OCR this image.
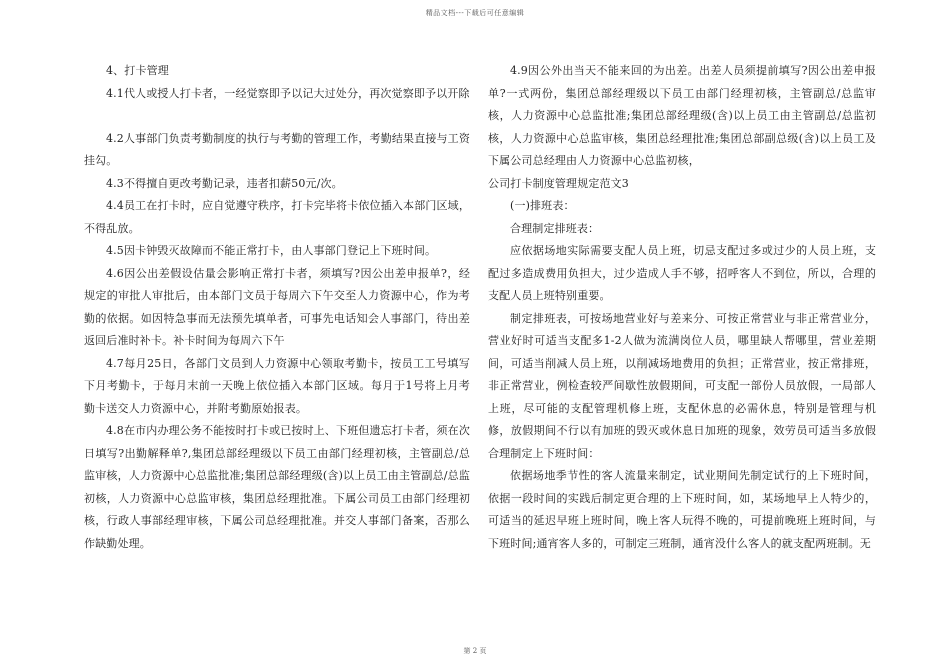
精品文档---下载后可任意编辑

4、打卡管理

4.1代人或授人打卡者，一经觉察即予以记大过处分，再次觉察即予以开除

4.2人事部门负责考勤制度的执行与考勤的管理工作，考勤结果直接与工资挂勾。

4.3不得擅自更改考勤记录，违者扣薪50元/次。

4.4员工在打卡时，应自觉遵守秩序，打卡完毕将卡依位插入本部门区域，不得乱放。

4.5因卡钟毁灭故障而不能正常打卡，由人事部门登记上下班时间。

4.6因公出差假设估量会影响正常打卡者，须填写?因公出差申报单?，经规定的审批人审批后，由本部门文员于每周六下午交至人力资源中心，作为考勤的依据。如因特急事而无法预先填单者，可事先电话知会人事部门，待出差返回后准时补卡。补卡时间为每周六下午

4.7每月25日，各部门文员到人力资源中心领取考勤卡，按员工工号填写下月考勤卡，于每月末前一天晚上依位插入本部门区域。每月于1号将上月考勤卡送交人力资源中心，并附考勤原始报表。

4.8在市内办理公务不能按时打卡或已按时上、下班但遗忘打卡者，须在次日填写?出勤解释单?,集团总部经理级以下员工由部门经理初核，主管副总/总监审核，人力资源中心总监批准;集团总部经理级(含)以上员工由主管副总/总监初核，人力资源中心总监审核，集团总经理批准。下属公司员工由部门经理初核，行政人事部经理审核，下属公司总经理批准。并交人事部门备案，否那么作缺勤处理。

4.9因公外出当天不能来回的为出差。出差人员须提前填写?因公出差申报单?一式两份，集团总部经理级以下员工由部门经理初核，主管副总/总监审核，人力资源中心总监批准;集团总部经理级(含)以上员工由主管副总/总监初核，人力资源中心总监审核，集团总经理批准;集团总部副总级(含)以上员工及下属公司总经理由人力资源中心总监初核，

公司打卡制度管理规定范文3

(一)排班表：

合理制定排班表：

应依据场地实际需要支配人员上班，切忌支配过多或过少的人员上班，支配过多造成费用负担大，过少造成人手不够，招呼客人不到位，所以，合理的支配人员上班特别重要。

制定排班表，可按场地营业好与差来分、可按正常营业与非正常营业分，营业好时可适当支配多1-2人做为流满岗位人员，哪里缺人帮哪里，营业差期间，可适当削减人员上班，以削减场地费用的负担；正常营业，按正常排班，非正常营业，例检查较严间歇性放假期间，可支配一部份人员放假，一局部人上班，尽可能的支配管理机修上班，支配休息的必需休息，特别是管理与机修，放假期间不行以有加班的毁灭或休息日加班的现象，效劳员可适当多放假合理制定上下班时间：

依据场地季节性的客人流量来制定，试业期间先制定试行的上下班时间，依据一段时间的实践后制定更合理的上下班时间，如，某场地早上人特少的，可适当的延迟早班上班时间，晚上客人玩得不晚的，可提前晚班上班时间，与下班时间;通宵客人多的，可制定三班制，通宵没什么客人的就支配两班制。无

第 2 页
